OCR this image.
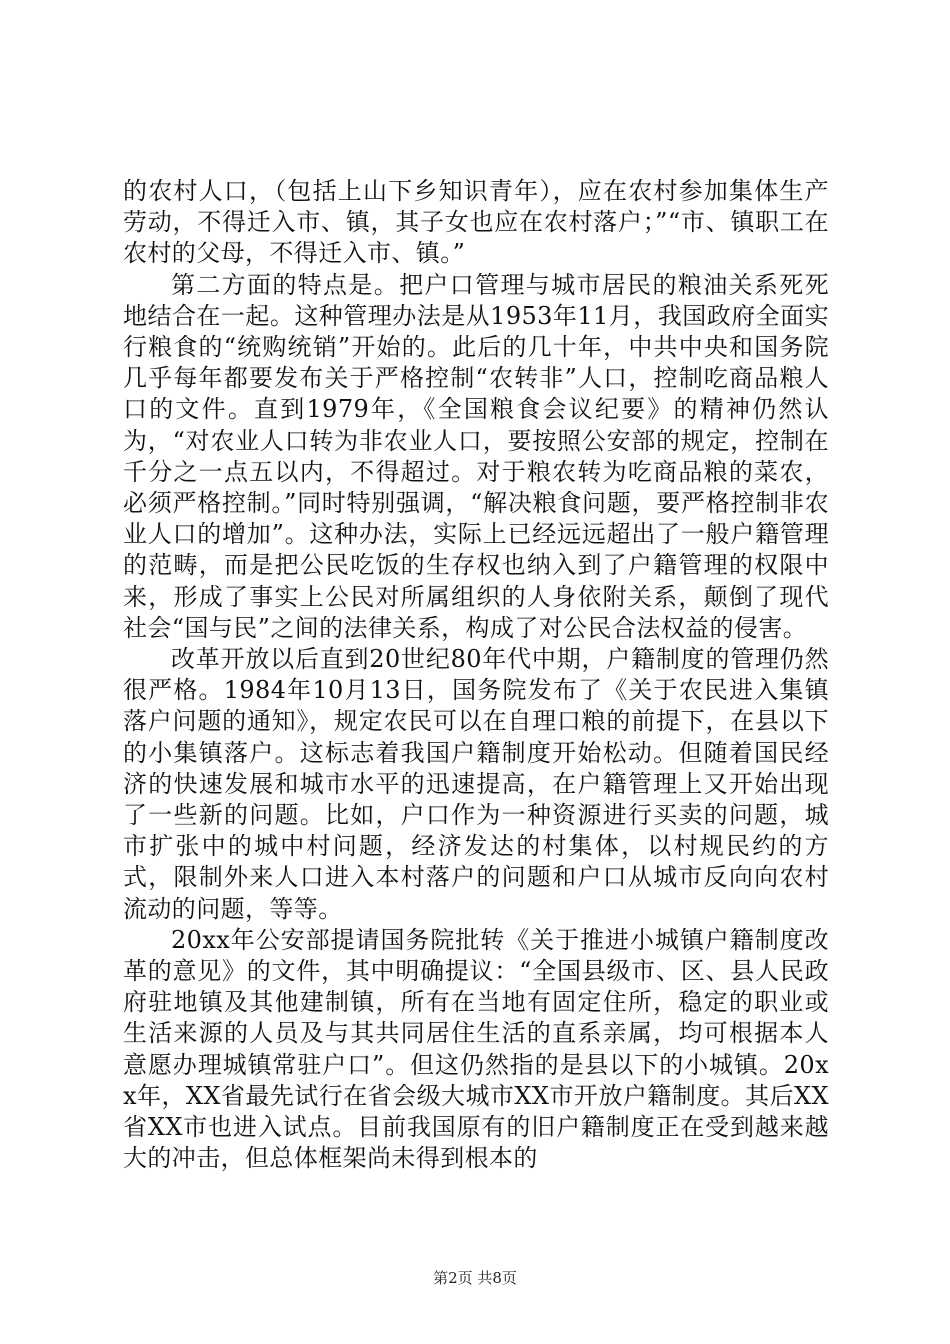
的农村人口，（包括上山下乡知识青年），应在农村参加集体生产劳动，不得迁入市、镇，其子女也应在农村落户；”“市、镇职工在农村的父母，不得迁入市、镇。”

第二方面的特点是。把户口管理与城市居民的粮油关系死死地结合在一起。这种管理办法是从1953年11月，我国政府全面实行粮食的“统购统销”开始的。此后的几十年，中共中央和国务院几乎每年都要发布关于严格控制“农转非”人口，控制吃商品粮人口的文件。直到1979年，《全国粮食会议纪要》的精神仍然认为，“对农业人口转为非农业人口，要按照公安部的规定，控制在千分之一点五以内，不得超过。对于粮农转为吃商品粮的菜农，必须严格控制。”同时特别强调，“解决粮食问题，要严格控制非农业人口的增加”。这种办法，实际上已经远远超出了一般户籍管理的范畴，而是把公民吃饭的生存权也纳入到了户籍管理的权限中来，形成了事实上公民对所属组织的人身依附关系，颠倒了现代社会“国与民”之间的法律关系，构成了对公民合法权益的侵害。

改革开放以后直到20世纪80年代中期，户籍制度的管理仍然很严格。1984年10月13日，国务院发布了《关于农民进入集镇落户问题的通知》，规定农民可以在自理口粮的前提下，在县以下的小集镇落户。这标志着我国户籍制度开始松动。但随着国民经济的快速发展和城市水平的迅速提高，在户籍管理上又开始出现了一些新的问题。比如，户口作为一种资源进行买卖的问题，城市扩张中的城中村问题，经济发达的村集体，以村规民约的方式，限制外来人口进入本村落户的问题和户口从城市反向向农村流动的问题，等等。

20xx年公安部提请国务院批转《关于推进小城镇户籍制度改革的意见》的文件，其中明确提议：“全国县级市、区、县人民政府驻地镇及其他建制镇，所有在当地有固定住所，稳定的职业或生活来源的人员及与其共同居住生活的直系亲属，均可根据本人意愿办理城镇常驻户口”。但这仍然指的是县以下的小城镇。20xx年，XX省最先试行在省会级大城市XX市开放户籍制度。其后XX省XX市也进入试点。目前我国原有的旧户籍制度正在受到越来越大的冲击，但总体框架尚未得到根本的

第2页 共8页
